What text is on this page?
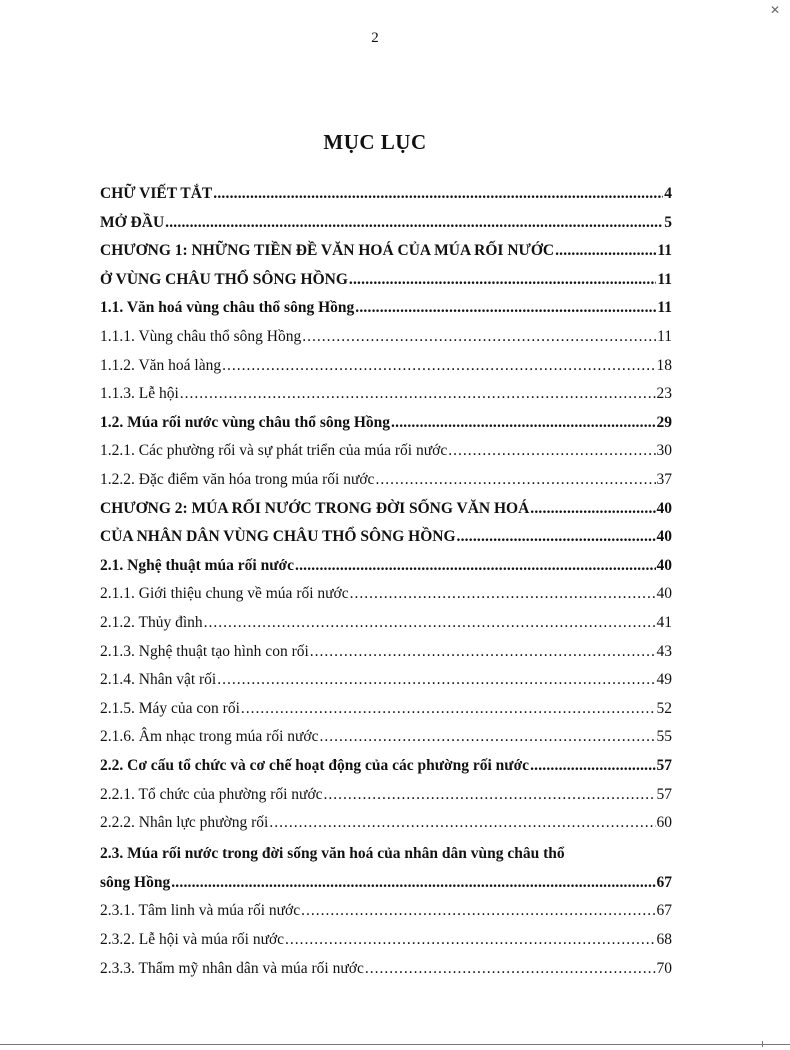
2
✕
MỤC LỤC
CHỮ VIẾT TẮT .....	4
MỞ ĐẦU .....	5
CHƯƠNG 1: NHỮNG TIỀN ĐỀ VĂN HOÁ CỦA MÚA RỐI NƯỚC .....	11
Ở VÙNG CHÂU THỔ SÔNG HỒNG .....	11
1.1. Văn hoá vùng châu thổ sông Hồng .....	11
1.1.1. Vùng châu thổ sông Hồng .....	11
1.1.2. Văn hoá làng .....	18
1.1.3. Lễ hội .....	23
1.2. Múa rối nước vùng châu thổ sông Hồng .....	29
1.2.1. Các phường rối và sự phát triển của múa rối nước .....	30
1.2.2. Đặc điểm văn hóa trong múa rối nước .....	37
CHƯƠNG 2: MÚA RỐI NƯỚC TRONG ĐỜI SỐNG VĂN HOÁ .....	40
CỦA NHÂN DÂN VÙNG CHÂU THỔ SÔNG HỒNG .....	40
2.1. Nghệ thuật múa rối nước .....	40
2.1.1. Giới thiệu chung về múa rối nước .....	40
2.1.2. Thủy đình .....	41
2.1.3. Nghệ thuật tạo hình con rối .....	43
2.1.4. Nhân vật rối .....	49
2.1.5. Máy của con rối .....	52
2.1.6. Âm nhạc trong múa rối nước .....	55
2.2. Cơ cấu tổ chức và cơ chế hoạt động của các phường rối nước .....	57
2.2.1. Tổ chức của phường rối nước .....	57
2.2.2. Nhân lực phường rối .....	60
2.3. Múa rối nước trong đời sống văn hoá của nhân dân vùng châu thổ
sông Hồng .....	67
2.3.1. Tâm linh và múa rối nước .....	67
2.3.2. Lễ hội và múa rối nước .....	68
2.3.3. Thẩm mỹ nhân dân và múa rối nước .....	70
